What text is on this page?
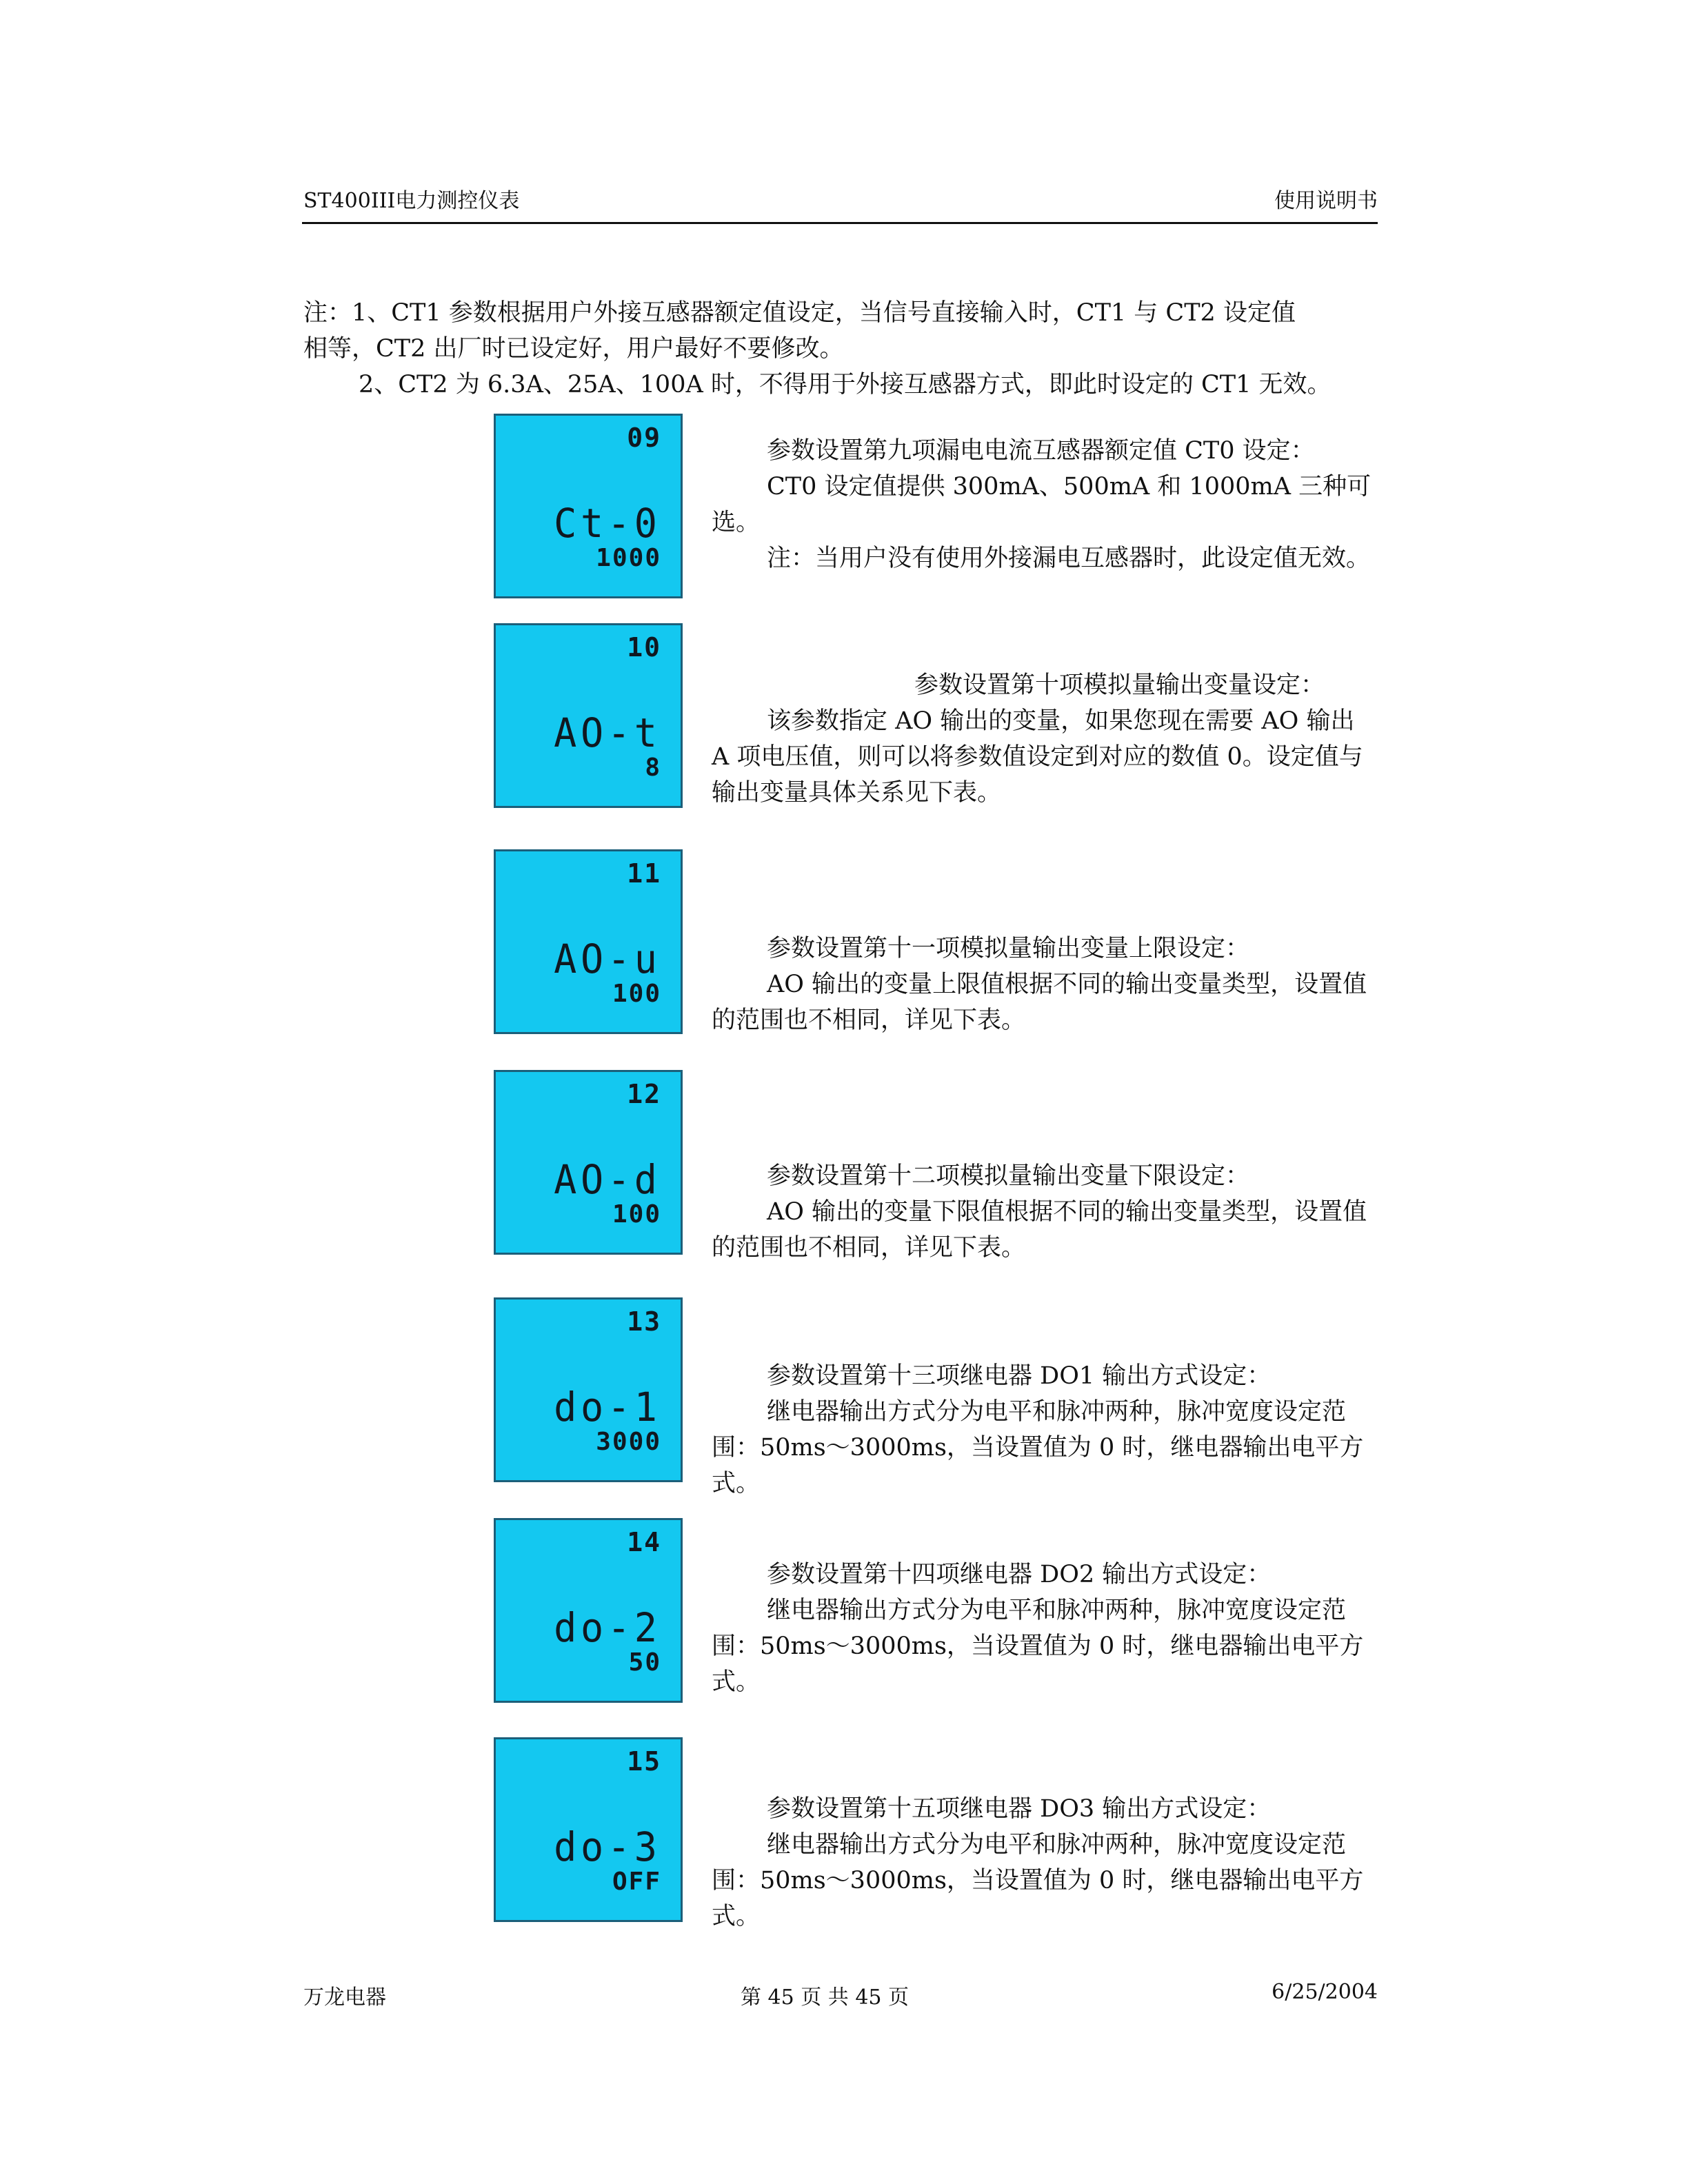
ST400III电力测控仪表	使用说明书

注：1、CT1 参数根据用户外接互感器额定值设定，当信号直接输入时，CT1 与 CT2 设定值

相等，CT2 出厂时已设定好，用户最好不要修改。

2、CT2 为 6.3A、25A、100A 时，不得用于外接互感器方式，即此时设定的 CT1 无效。

09
Ct-0
1000

参数设置第九项漏电电流互感器额定值 CT0 设定：

CT0 设定值提供 300mA、500mA 和 1000mA 三种可选。

注：当用户没有使用外接漏电互感器时，此设定值无效。

10
AO-t
8

参数设置第十项模拟量输出变量设定：

该参数指定 AO 输出的变量，如果您现在需要 AO 输出 A 项电压值，则可以将参数值设定到对应的数值 0。设定值与输出变量具体关系见下表。

11
AO-u
100

参数设置第十一项模拟量输出变量上限设定：

AO 输出的变量上限值根据不同的输出变量类型，设置值的范围也不相同，详见下表。

12
AO-d
100

参数设置第十二项模拟量输出变量下限设定：

AO 输出的变量下限值根据不同的输出变量类型，设置值的范围也不相同，详见下表。

13
do-1
3000

参数设置第十三项继电器 DO1 输出方式设定：

继电器输出方式分为电平和脉冲两种，脉冲宽度设定范围：50ms～3000ms，当设置值为 0 时，继电器输出电平方式。

14
do-2
50

参数设置第十四项继电器 DO2 输出方式设定：

继电器输出方式分为电平和脉冲两种，脉冲宽度设定范围：50ms～3000ms，当设置值为 0 时，继电器输出电平方式。

15
do-3
OFF

参数设置第十五项继电器 DO3 输出方式设定：

继电器输出方式分为电平和脉冲两种，脉冲宽度设定范围：50ms～3000ms，当设置值为 0 时，继电器输出电平方式。

万龙电器	第 45 页 共 45 页	6/25/2004
